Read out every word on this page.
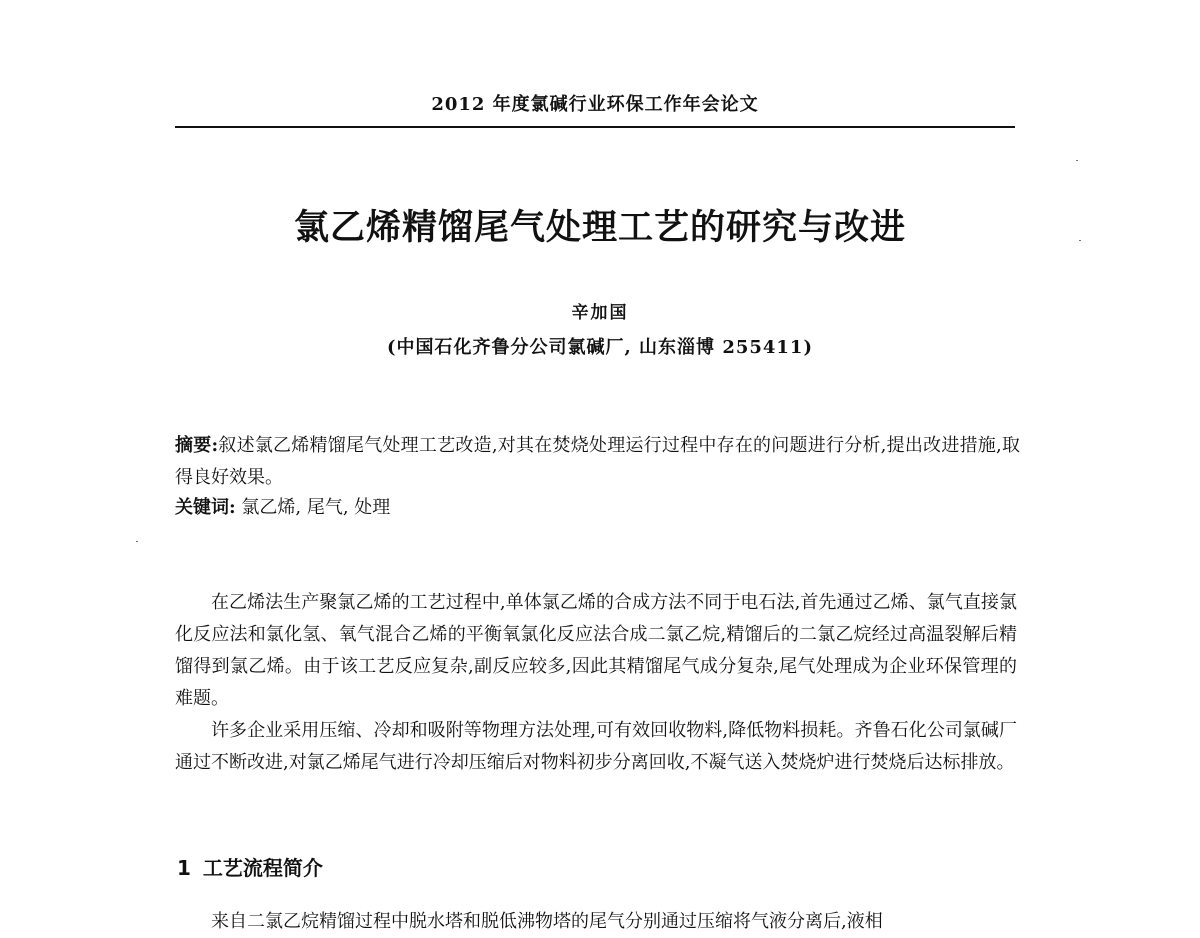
2012 年度氯碱行业环保工作年会论文
氯乙烯精馏尾气处理工艺的研究与改进
辛加国
(中国石化齐鲁分公司氯碱厂, 山东淄博 255411)
摘要:叙述氯乙烯精馏尾气处理工艺改造,对其在焚烧处理运行过程中存在的问题进行分析,提出改进措施,取得良好效果。
关键词: 氯乙烯, 尾气, 处理

在乙烯法生产聚氯乙烯的工艺过程中,单体氯乙烯的合成方法不同于电石法,首先通过乙烯、氯气直接氯化反应法和氯化氢、氧气混合乙烯的平衡氧氯化反应法合成二氯乙烷,精馏后的二氯乙烷经过高温裂解后精馏得到氯乙烯。由于该工艺反应复杂,副反应较多,因此其精馏尾气成分复杂,尾气处理成为企业环保管理的难题。

许多企业采用压缩、冷却和吸附等物理方法处理,可有效回收物料,降低物料损耗。齐鲁石化公司氯碱厂通过不断改进,对氯乙烯尾气进行冷却压缩后对物料初步分离回收,不凝气送入焚烧炉进行焚烧后达标排放。

1 工艺流程简介

来自二氯乙烷精馏过程中脱水塔和脱低沸物塔的尾气分别通过压缩将气液分离后,液相
